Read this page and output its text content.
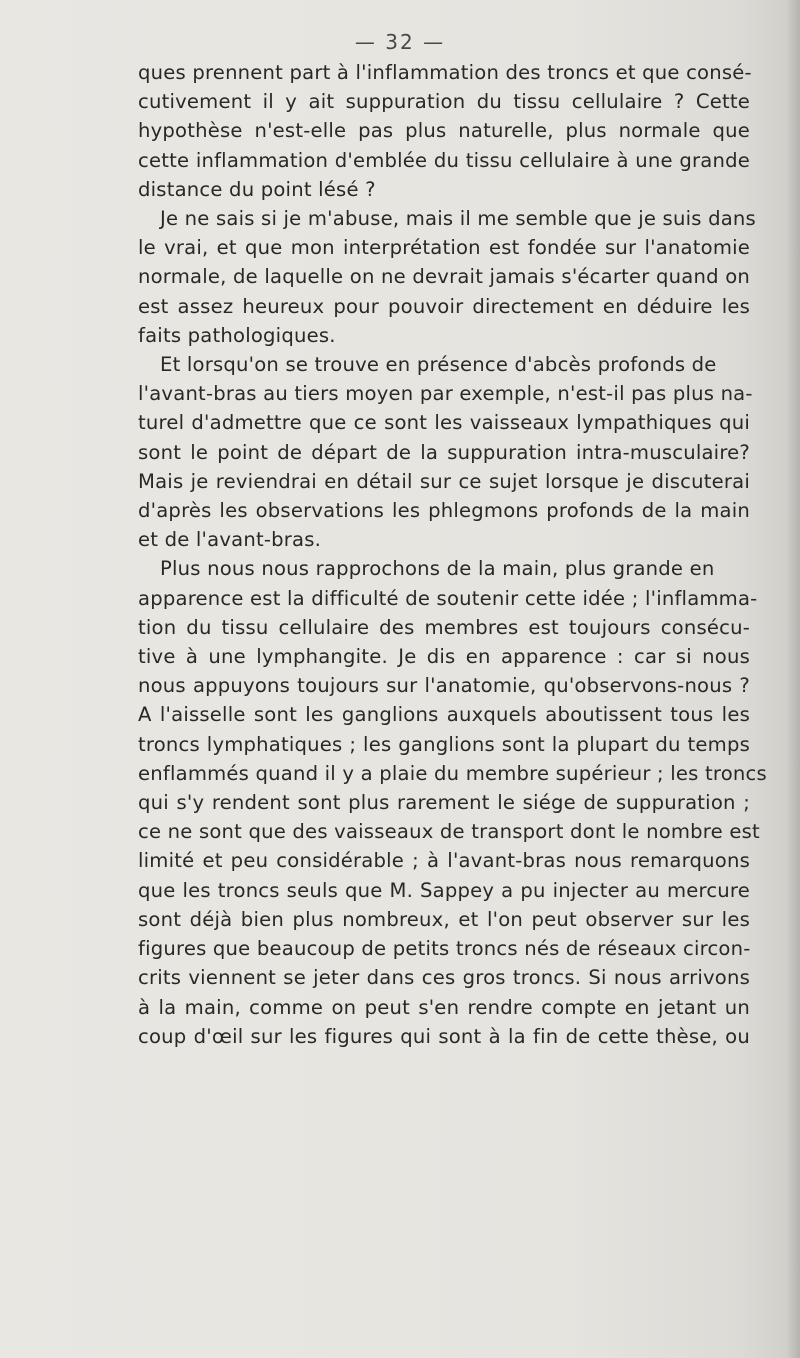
— 32 —
ques prennent part à l'inflammation des troncs et que consé-
cutivement il y ait suppuration du tissu cellulaire ? Cette
hypothèse n'est-elle pas plus naturelle, plus normale que
cette inflammation d'emblée du tissu cellulaire à une grande
distance du point lésé ?
Je ne sais si je m'abuse, mais il me semble que je suis dans
le vrai, et que mon interprétation est fondée sur l'anatomie
normale, de laquelle on ne devrait jamais s'écarter quand on
est assez heureux pour pouvoir directement en déduire les
faits pathologiques.
Et lorsqu'on se trouve en présence d'abcès profonds de
l'avant-bras au tiers moyen par exemple, n'est-il pas plus na-
turel d'admettre que ce sont les vaisseaux lympathiques qui
sont le point de départ de la suppuration intra-musculaire?
Mais je reviendrai en détail sur ce sujet lorsque je discuterai
d'après les observations les phlegmons profonds de la main
et de l'avant-bras.
Plus nous nous rapprochons de la main, plus grande en
apparence est la difficulté de soutenir cette idée ; l'inflamma-
tion du tissu cellulaire des membres est toujours consécu-
tive à une lymphangite. Je dis en apparence : car si nous
nous appuyons toujours sur l'anatomie, qu'observons-nous ?
A l'aisselle sont les ganglions auxquels aboutissent tous les
troncs lymphatiques ; les ganglions sont la plupart du temps
enflammés quand il y a plaie du membre supérieur ; les troncs
qui s'y rendent sont plus rarement le siége de suppuration ;
ce ne sont que des vaisseaux de transport dont le nombre est
limité et peu considérable ; à l'avant-bras nous remarquons
que les troncs seuls que M. Sappey a pu injecter au mercure
sont déjà bien plus nombreux, et l'on peut observer sur les
figures que beaucoup de petits troncs nés de réseaux circon-
crits viennent se jeter dans ces gros troncs. Si nous arrivons
à la main, comme on peut s'en rendre compte en jetant un
coup d'œil sur les figures qui sont à la fin de cette thèse, ou
